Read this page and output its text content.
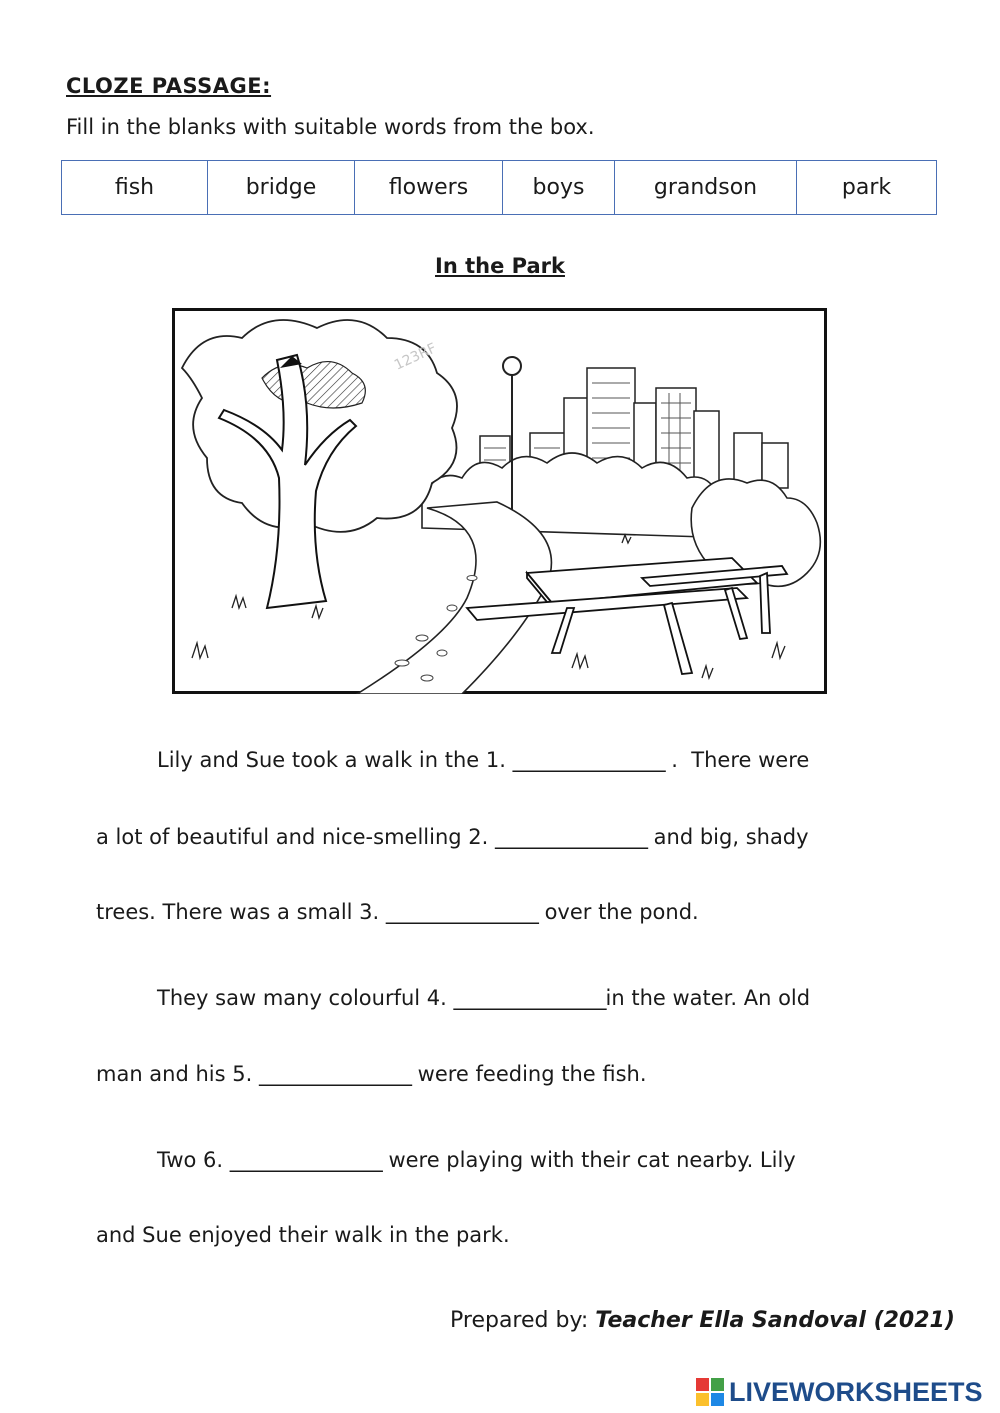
CLOZE PASSAGE:
Fill in the blanks with suitable words from the box.
fish	bridge	flowers	boys	grandson	park
In the Park
123RF
Lily and Sue took a walk in the 1. ________________ .  There were
a lot of beautiful and nice-smelling 2. ________________ and big, shady
trees. There was a small 3. ________________ over the pond.
They saw many colourful 4. ________________in the water. An old
man and his 5. ________________ were feeding the fish.
Two 6. ________________ were playing with their cat nearby. Lily
and Sue enjoyed their walk in the park.
Prepared by: Teacher Ella Sandoval (2021)
LIVEWORKSHEETS
